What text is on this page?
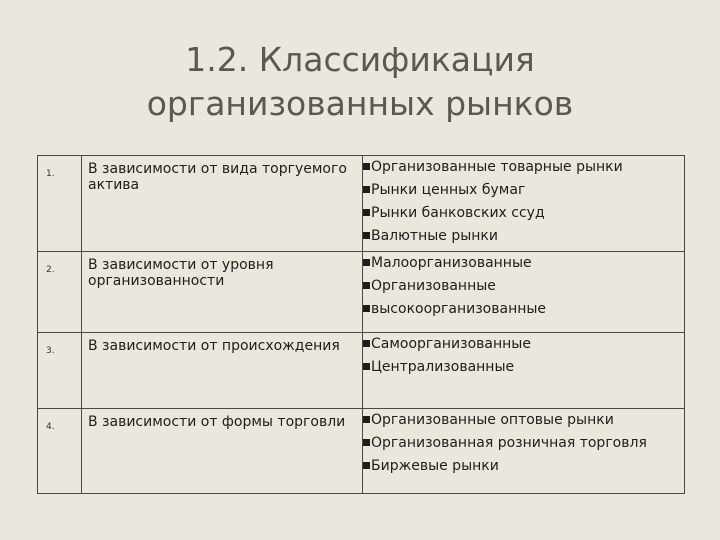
1.2. Классификация
организованных рынков
1.	В зависимости от вида торгуемого актива	Организованные товарные рынки
Рынки ценных бумаг
Рынки банковских ссуд
Валютные рынки

2.	В зависимости от уровня организованности	Малоорганизованные
Организованные
высокоорганизованные

3.	В зависимости от происхождения	Самоорганизованные
Централизованные

4.	В зависимости от формы торговли	Организованные оптовые рынки
Организованная розничная торговля
Биржевые рынки
